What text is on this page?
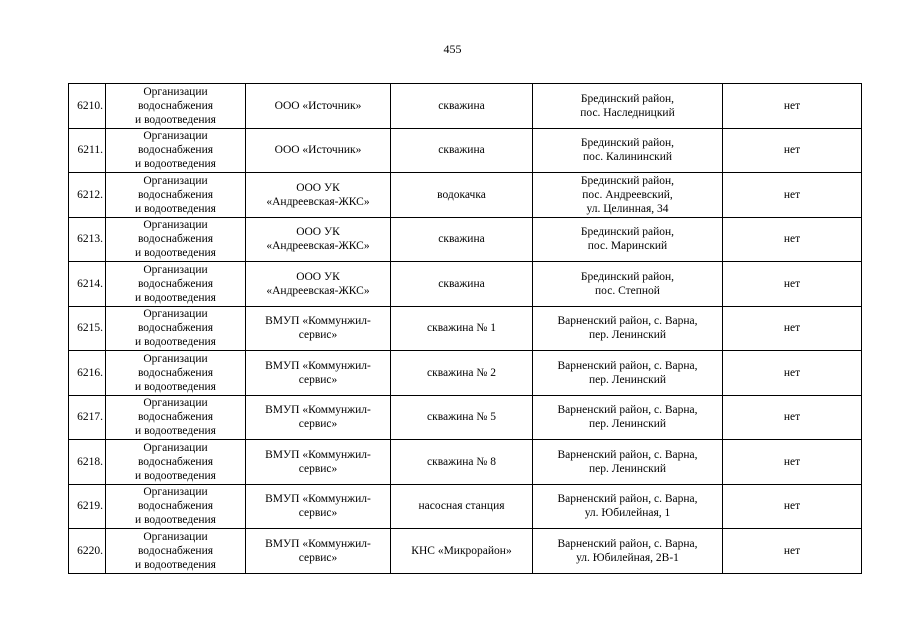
455
6210.	Организации
водоснабжения
и водоотведения	ООО «Источник»	скважина	Брединский район,
пос. Наследницкий	нет
6211.	Организации
водоснабжения
и водоотведения	ООО «Источник»	скважина	Брединский район,
пос. Калининский	нет
6212.	Организации
водоснабжения
и водоотведения	ООО УК
«Андреевская-ЖКС»	водокачка	Брединский район,
пос. Андреевский,
ул. Целинная, 34	нет
6213.	Организации
водоснабжения
и водоотведения	ООО УК
«Андреевская-ЖКС»	скважина	Брединский район,
пос. Маринский	нет
6214.	Организации
водоснабжения
и водоотведения	ООО УК
«Андреевская-ЖКС»	скважина	Брединский район,
пос. Степной	нет
6215.	Организации
водоснабжения
и водоотведения	ВМУП «Коммунжил-
сервис»	скважина № 1	Варненский район, с. Варна,
пер. Ленинский	нет
6216.	Организации
водоснабжения
и водоотведения	ВМУП «Коммунжил-
сервис»	скважина № 2	Варненский район, с. Варна,
пер. Ленинский	нет
6217.	Организации
водоснабжения
и водоотведения	ВМУП «Коммунжил-
сервис»	скважина № 5	Варненский район, с. Варна,
пер. Ленинский	нет
6218.	Организации
водоснабжения
и водоотведения	ВМУП «Коммунжил-
сервис»	скважина № 8	Варненский район, с. Варна,
пер. Ленинский	нет
6219.	Организации
водоснабжения
и водоотведения	ВМУП «Коммунжил-
сервис»	насосная станция	Варненский район, с. Варна,
ул. Юбилейная, 1	нет
6220.	Организации
водоснабжения
и водоотведения	ВМУП «Коммунжил-
сервис»	КНС «Микрорайон»	Варненский район, с. Варна,
ул. Юбилейная, 2В-1	нет
